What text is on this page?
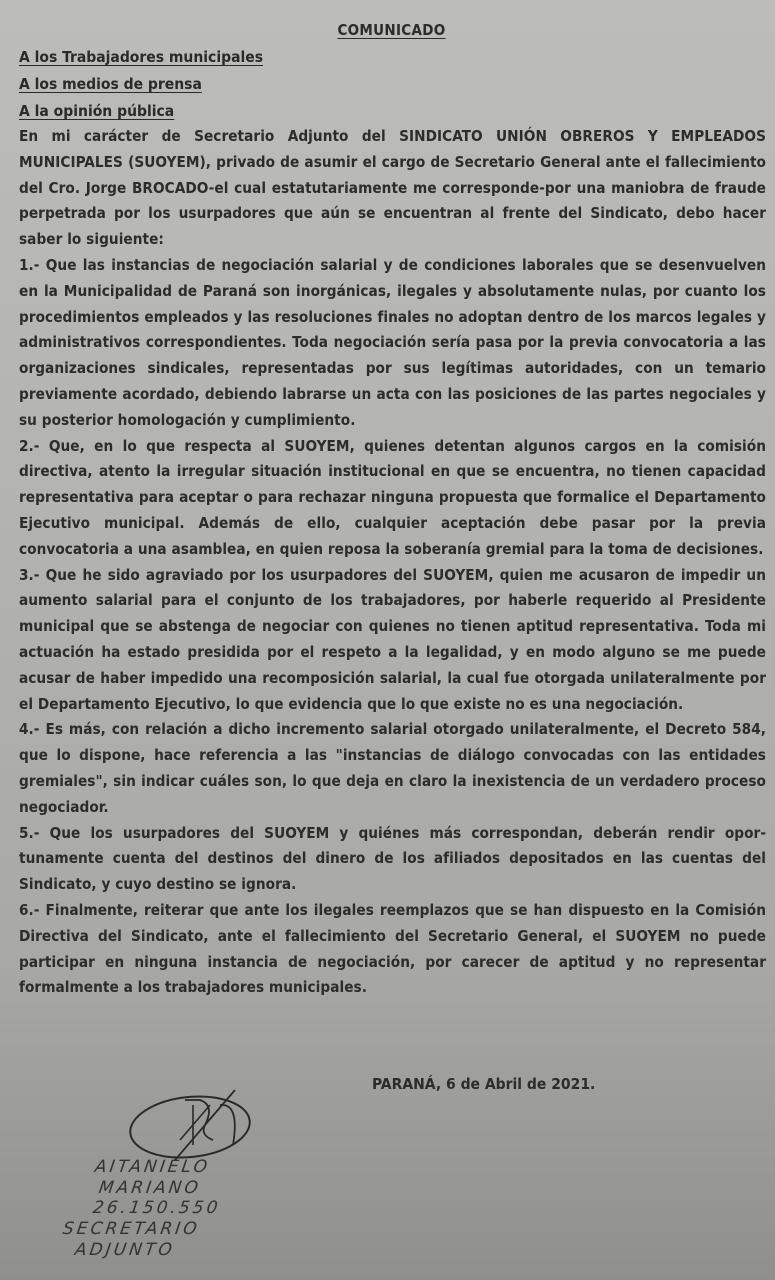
COMUNICADO
A los Trabajadores municipales
A los medios de prensa
A la opinión pública

En mi carácter de Secretario Adjunto del SINDICATO UNIÓN OBREROS Y EMPLEADOS MUNICIPALES (SUOYEM), privado de asumir el cargo de Secretario General ante el fallecimiento del Cro. Jorge BROCADO-el cual estatutariamente me corresponde-por una maniobra de fraude perpetrada por los usurpadores que aún se encuentran al frente del Sindicato, debo hacer saber lo siguiente:

1.- Que las instancias de negociación salarial y de condiciones laborales que se desenvuelven en la Municipalidad de Paraná son inorgánicas, ilegales y absolutamente nulas, por cuanto los procedimientos empleados y las resoluciones finales no adoptan dentro de los marcos legales y administrativos correspondientes. Toda negociación sería pasa por la previa convocatoria a las organizaciones sindicales, representadas por sus legítimas autoridades, con un temario previamente acordado, debiendo labrarse un acta con las posiciones de las partes negociales y su posterior homologación y cumplimiento.

2.- Que, en lo que respecta al SUOYEM, quienes detentan algunos cargos en la comisión directiva, atento la irregular situación institucional en que se encuentra, no tienen capacidad representativa para aceptar o para rechazar ninguna propuesta que formalice el Departamento Ejecutivo municipal. Además de ello, cualquier aceptación debe pasar por la previa convocatoria a una asamblea, en quien reposa la soberanía gremial para la toma de decisiones.

3.- Que he sido agraviado por los usurpadores del SUOYEM, quien me acusaron de impedir un aumento salarial para el conjunto de los trabajadores, por haberle requerido al Presidente municipal que se abstenga de negociar con quienes no tienen aptitud representativa. Toda mi actuación ha estado presidida por el respeto a la legalidad, y en modo alguno se me puede acusar de haber impedido una recomposición salarial, la cual fue otorgada unilateralmente por el Departamento Ejecutivo, lo que evidencia que lo que existe no es una negociación.

4.- Es más, con relación a dicho incremento salarial otorgado unilateralmente, el Decreto 584, que lo dispone, hace referencia a las "instancias de diálogo convocadas con las entidades gremiales", sin indicar cuáles son, lo que deja en claro la inexistencia de un verdadero proceso negociador.

5.- Que los usurpadores del SUOYEM y quiénes más correspondan, deberán rendir oportunamente cuenta del destinos del dinero de los afiliados depositados en las cuentas del Sindicato, y cuyo destino se ignora.

6.- Finalmente, reiterar que ante los ilegales reemplazos que se han dispuesto en la Comisión Directiva del Sindicato, ante el fallecimiento del Secretario General, el SUOYEM no puede participar en ninguna instancia de negociación, por carecer de aptitud y no representar formalmente a los trabajadores municipales.

PARANÁ, 6 de Abril de 2021.
AITANIELO
MARIANO
26.150.550
SECRETARIO
ADJUNTO
